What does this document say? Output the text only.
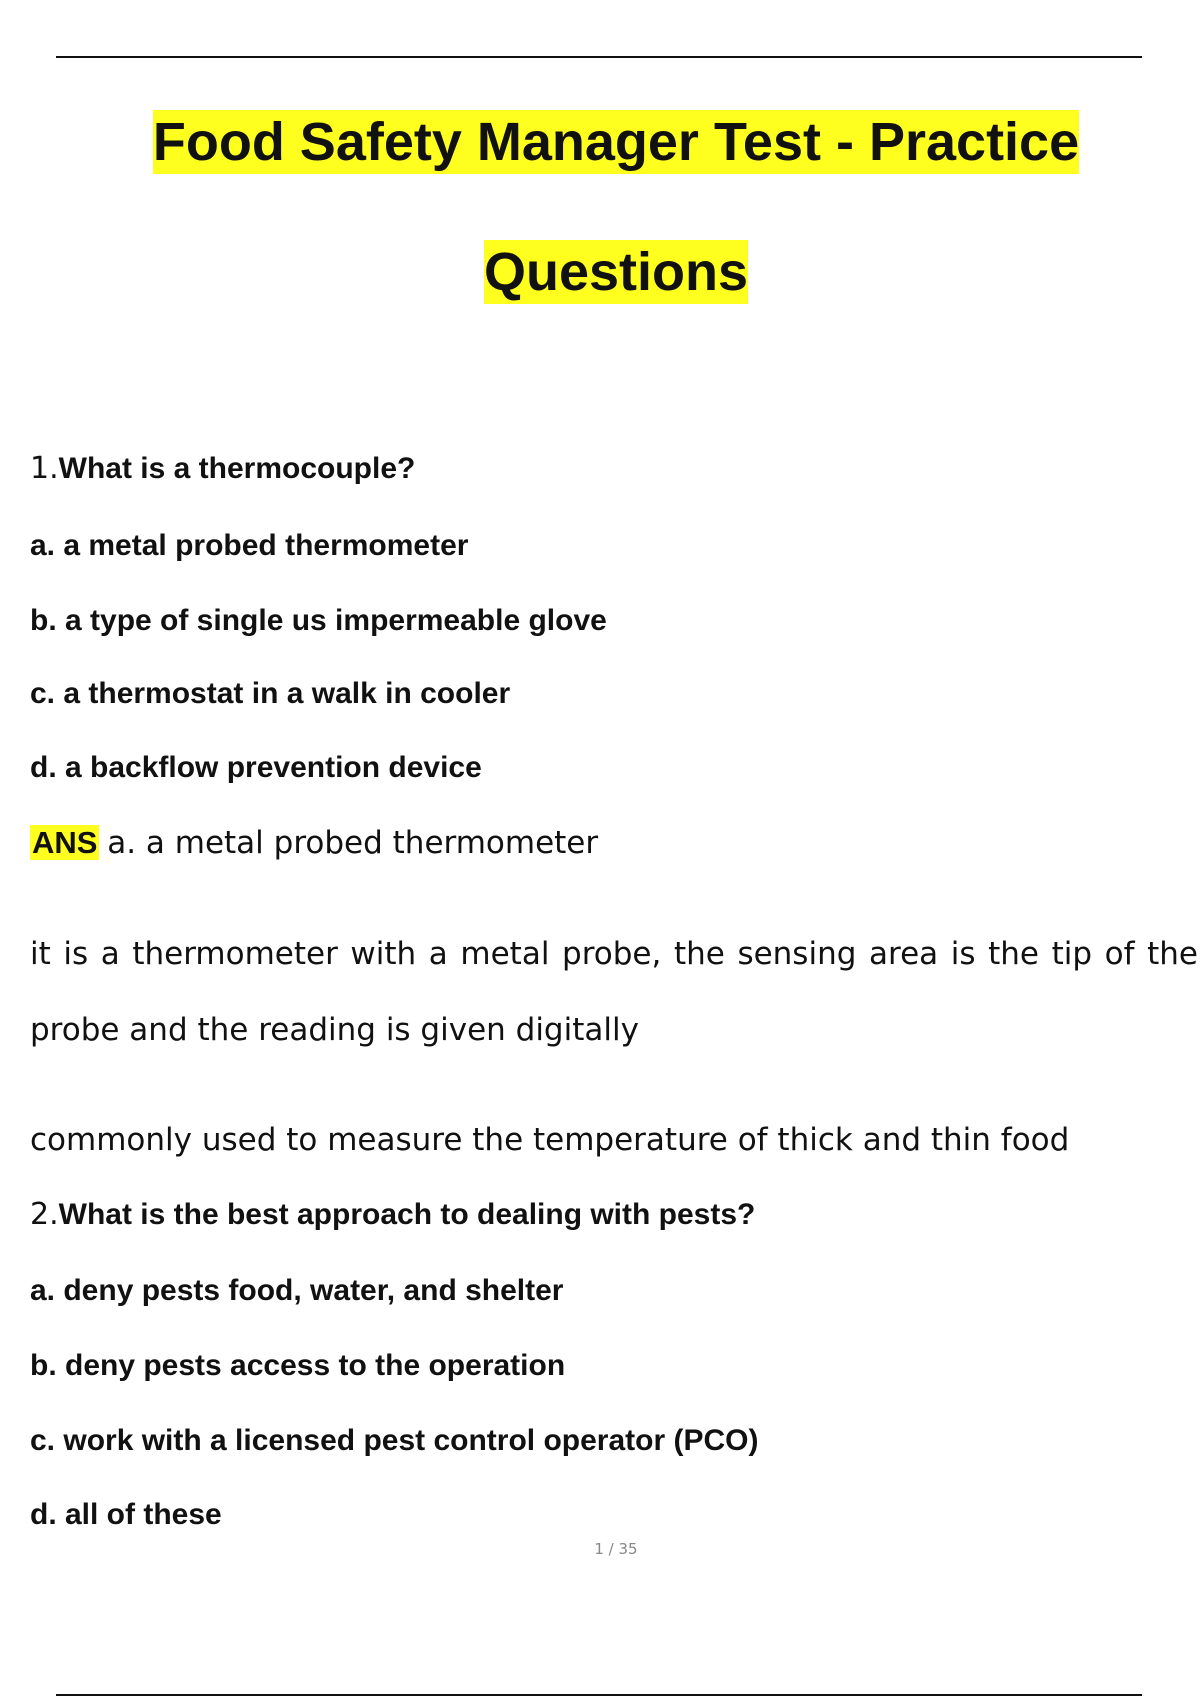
Food Safety Manager Test - Practice
Questions
1.What is a thermocouple?
a. a metal probed thermometer
b. a type of single us impermeable glove
c. a thermostat in a walk in cooler
d. a backflow prevention device
ANS a. a metal probed thermometer
it is a thermometer with a metal probe, the sensing area is the tip of the probe and the reading is given digitally
commonly used to measure the temperature of thick and thin food
2.What is the best approach to dealing with pests?
a. deny pests food, water, and shelter
b. deny pests access to the operation
c. work with a licensed pest control operator (PCO)
d. all of these
1 / 35
